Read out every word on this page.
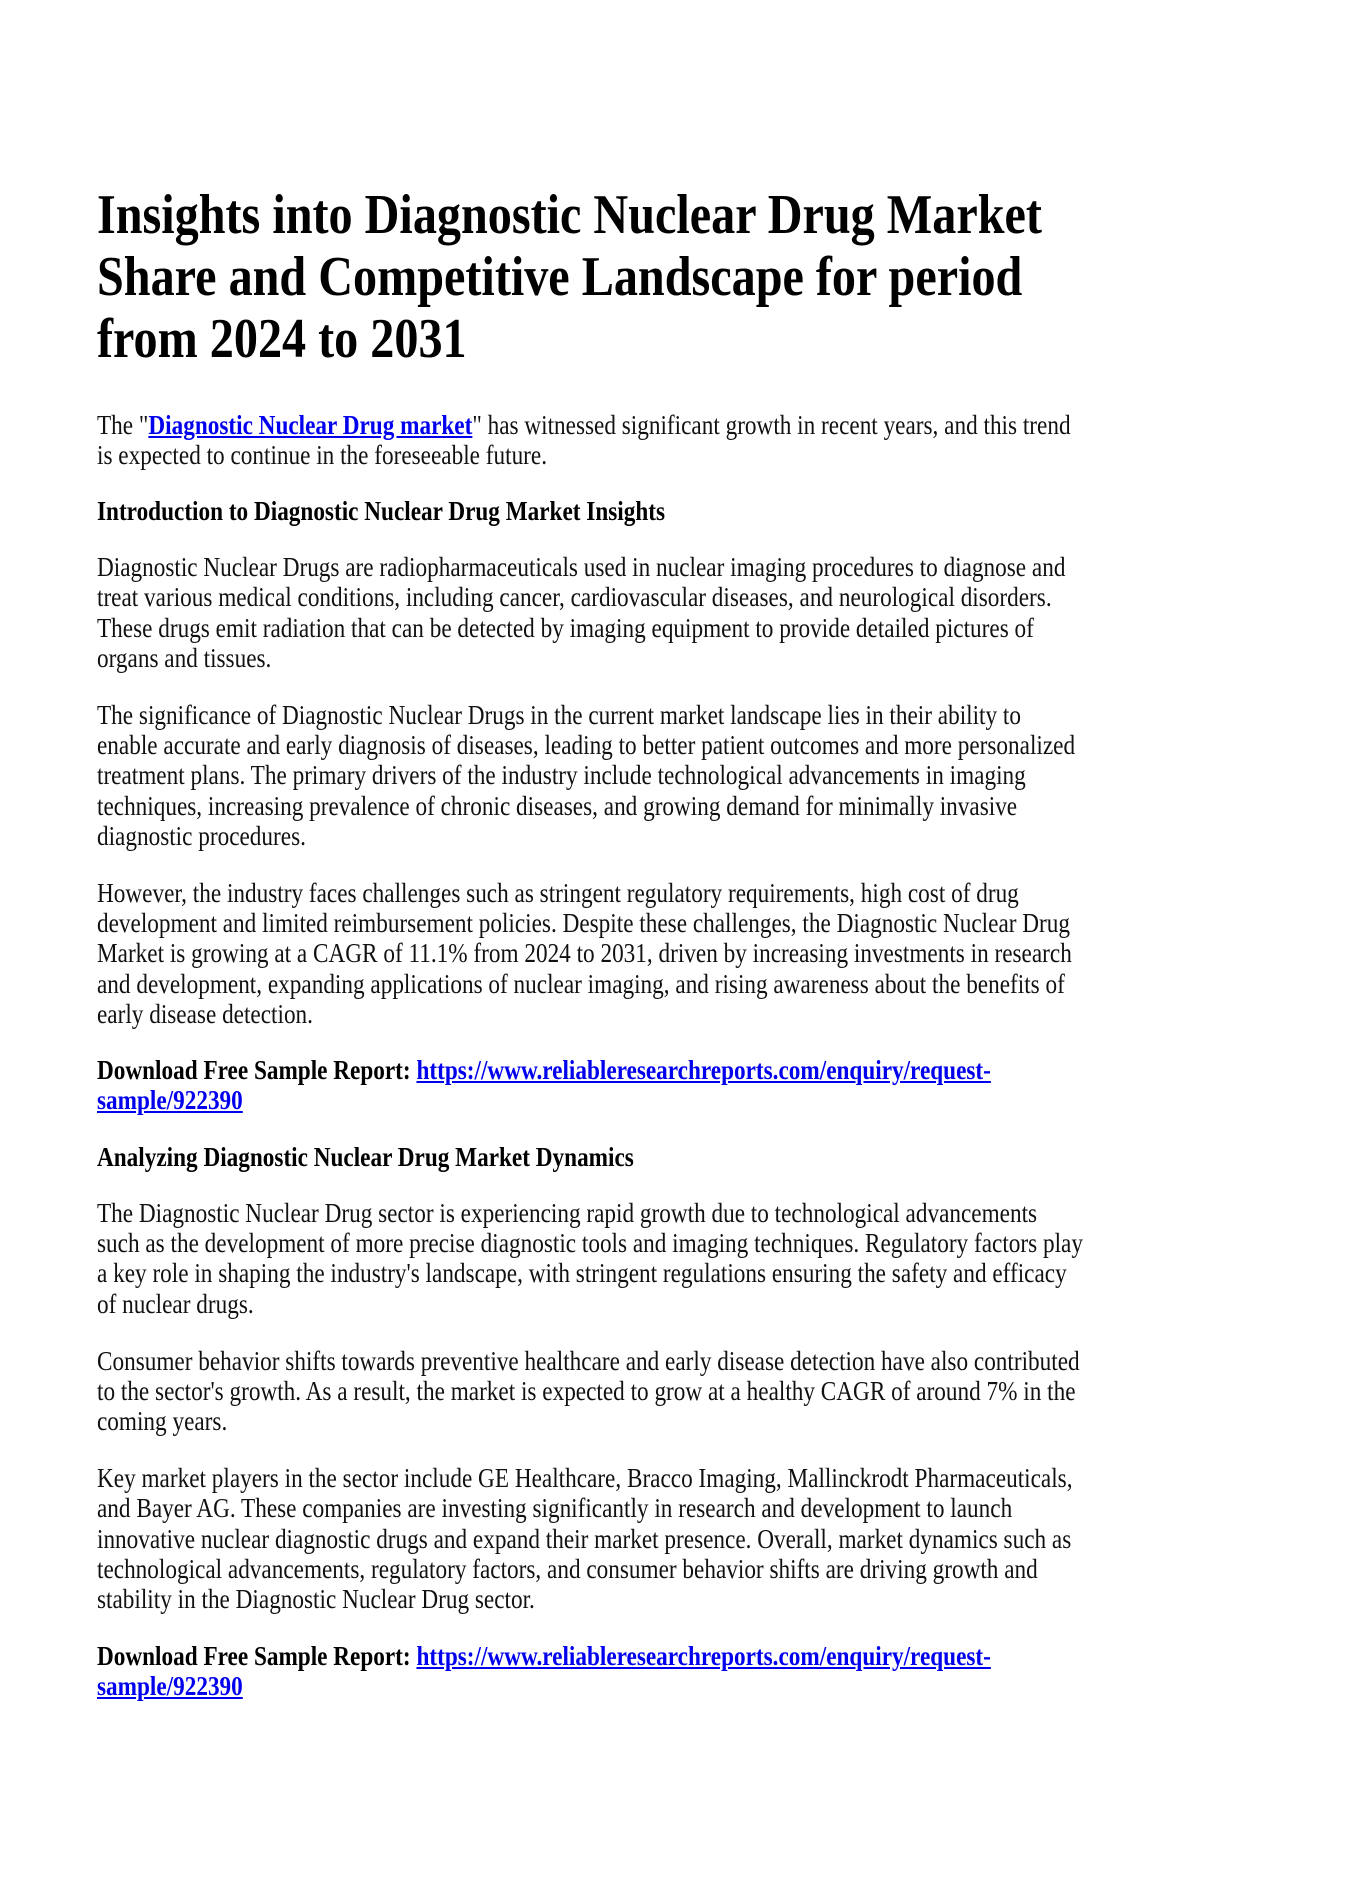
Insights into Diagnostic Nuclear Drug Market
Share and Competitive Landscape for period
from 2024 to 2031
The "Diagnostic Nuclear Drug market" has witnessed significant growth in recent years, and this trend
is expected to continue in the foreseeable future.
Introduction to Diagnostic Nuclear Drug Market Insights
Diagnostic Nuclear Drugs are radiopharmaceuticals used in nuclear imaging procedures to diagnose and
treat various medical conditions, including cancer, cardiovascular diseases, and neurological disorders.
These drugs emit radiation that can be detected by imaging equipment to provide detailed pictures of
organs and tissues.
The significance of Diagnostic Nuclear Drugs in the current market landscape lies in their ability to
enable accurate and early diagnosis of diseases, leading to better patient outcomes and more personalized
treatment plans. The primary drivers of the industry include technological advancements in imaging
techniques, increasing prevalence of chronic diseases, and growing demand for minimally invasive
diagnostic procedures.
However, the industry faces challenges such as stringent regulatory requirements, high cost of drug
development and limited reimbursement policies. Despite these challenges, the Diagnostic Nuclear Drug
Market is growing at a CAGR of 11.1% from 2024 to 2031, driven by increasing investments in research
and development, expanding applications of nuclear imaging, and rising awareness about the benefits of
early disease detection.
Download Free Sample Report: https://www.reliableresearchreports.com/enquiry/request-
sample/922390
Analyzing Diagnostic Nuclear Drug Market Dynamics
The Diagnostic Nuclear Drug sector is experiencing rapid growth due to technological advancements
such as the development of more precise diagnostic tools and imaging techniques. Regulatory factors play
a key role in shaping the industry's landscape, with stringent regulations ensuring the safety and efficacy
of nuclear drugs.
Consumer behavior shifts towards preventive healthcare and early disease detection have also contributed
to the sector's growth. As a result, the market is expected to grow at a healthy CAGR of around 7% in the
coming years.
Key market players in the sector include GE Healthcare, Bracco Imaging, Mallinckrodt Pharmaceuticals,
and Bayer AG. These companies are investing significantly in research and development to launch
innovative nuclear diagnostic drugs and expand their market presence. Overall, market dynamics such as
technological advancements, regulatory factors, and consumer behavior shifts are driving growth and
stability in the Diagnostic Nuclear Drug sector.
Download Free Sample Report: https://www.reliableresearchreports.com/enquiry/request-
sample/922390
